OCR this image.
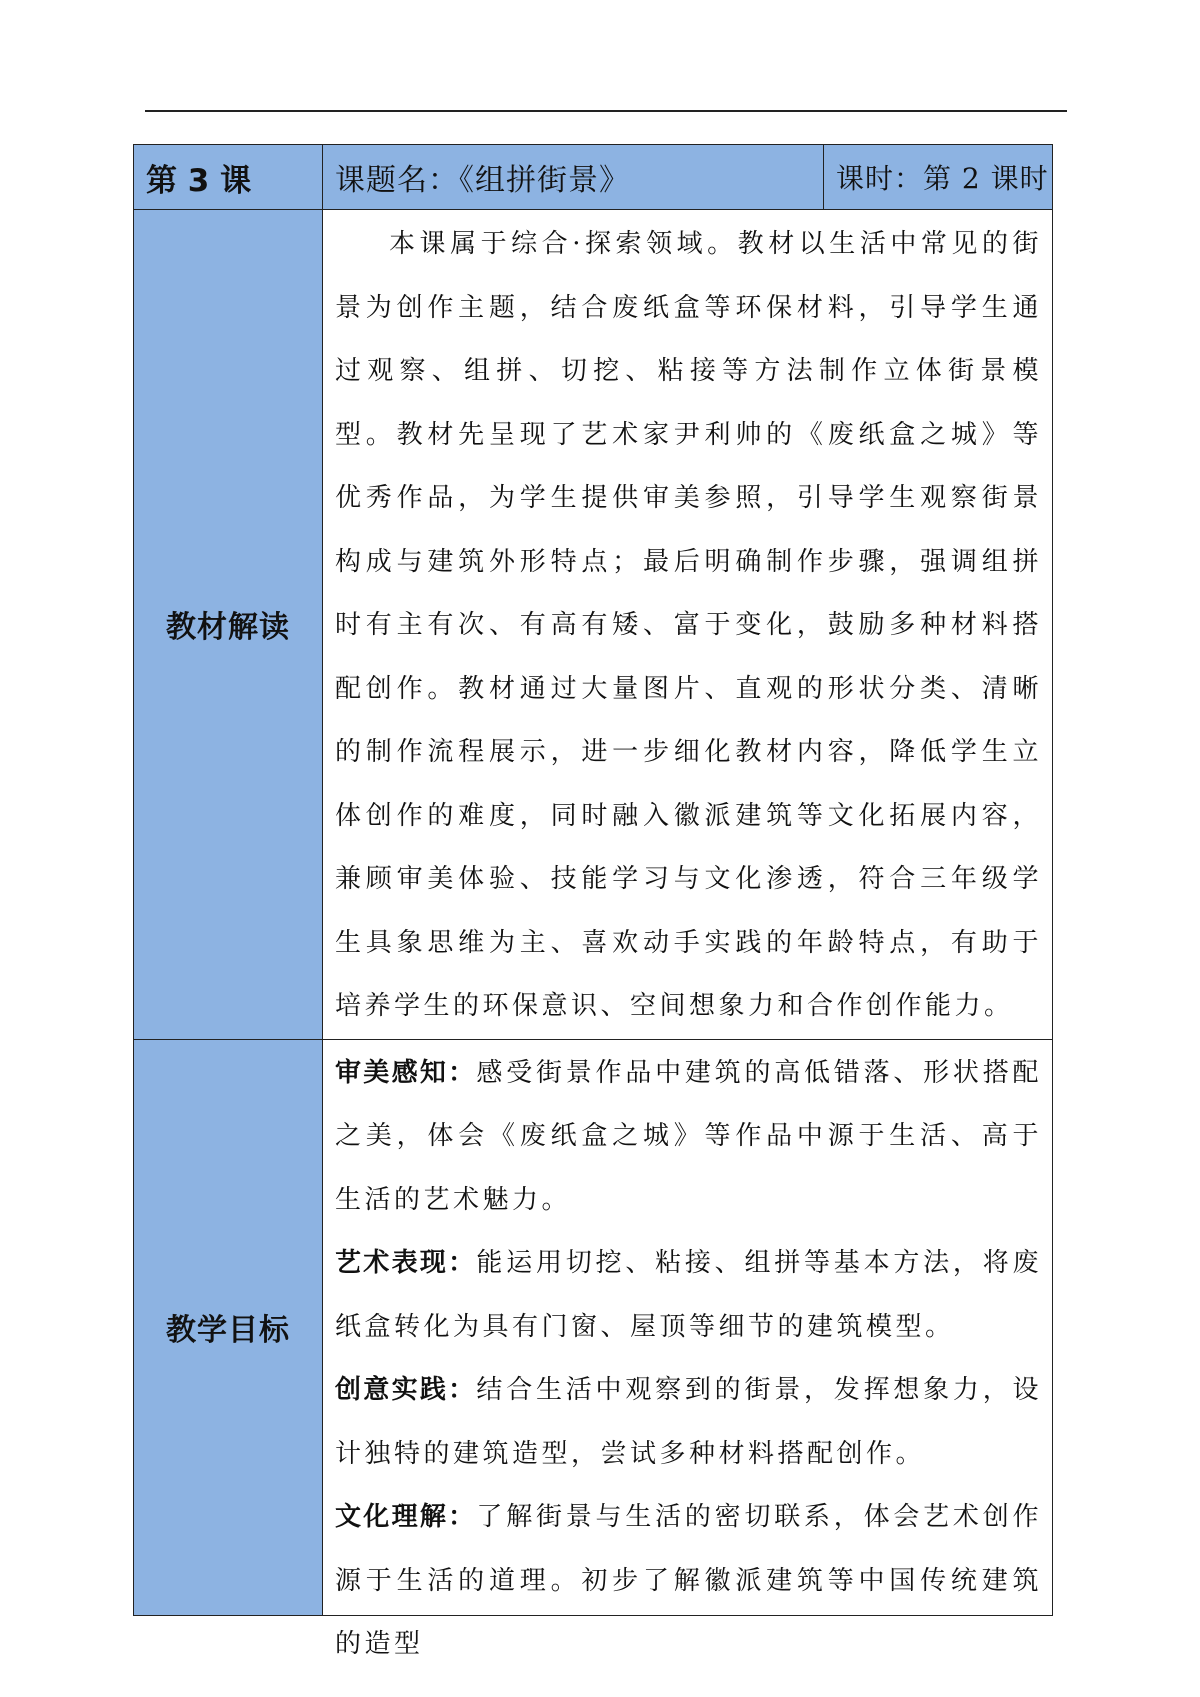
第 3 课	课题名：《组拼街景》	课时：第 2 课时
教材解读	本课属于综合·探索领域。教材以生活中常见的街景为创作主题，结合废纸盒等环保材料，引导学生通过观察、组拼、切挖、粘接等方法制作立体街景模型。教材先呈现了艺术家尹利帅的《废纸盒之城》等优秀作品，为学生提供审美参照，引导学生观察街景构成与建筑外形特点；最后明确制作步骤，强调组拼时有主有次、有高有矮、富于变化，鼓励多种材料搭配创作。教材通过大量图片、直观的形状分类、清晰的制作流程展示，进一步细化教材内容，降低学生立体创作的难度，同时融入徽派建筑等文化拓展内容，兼顾审美体验、技能学习与文化渗透，符合三年级学生具象思维为主、喜欢动手实践的年龄特点，有助于培养学生的环保意识、空间想象力和合作创作能力。	

教学目标	审美感知：感受街景作品中建筑的高低错落、形状搭配之美，体会《废纸盒之城》等作品中源于生活、高于生活的艺术魅力。

艺术表现：能运用切挖、粘接、组拼等基本方法，将废纸盒转化为具有门窗、屋顶等细节的建筑模型。

创意实践：结合生活中观察到的街景，发挥想象力，设计独特的建筑造型，尝试多种材料搭配创作。

文化理解：了解街景与生活的密切联系，体会艺术创作源于生活的道理。初步了解徽派建筑等中国传统建筑的造型	
